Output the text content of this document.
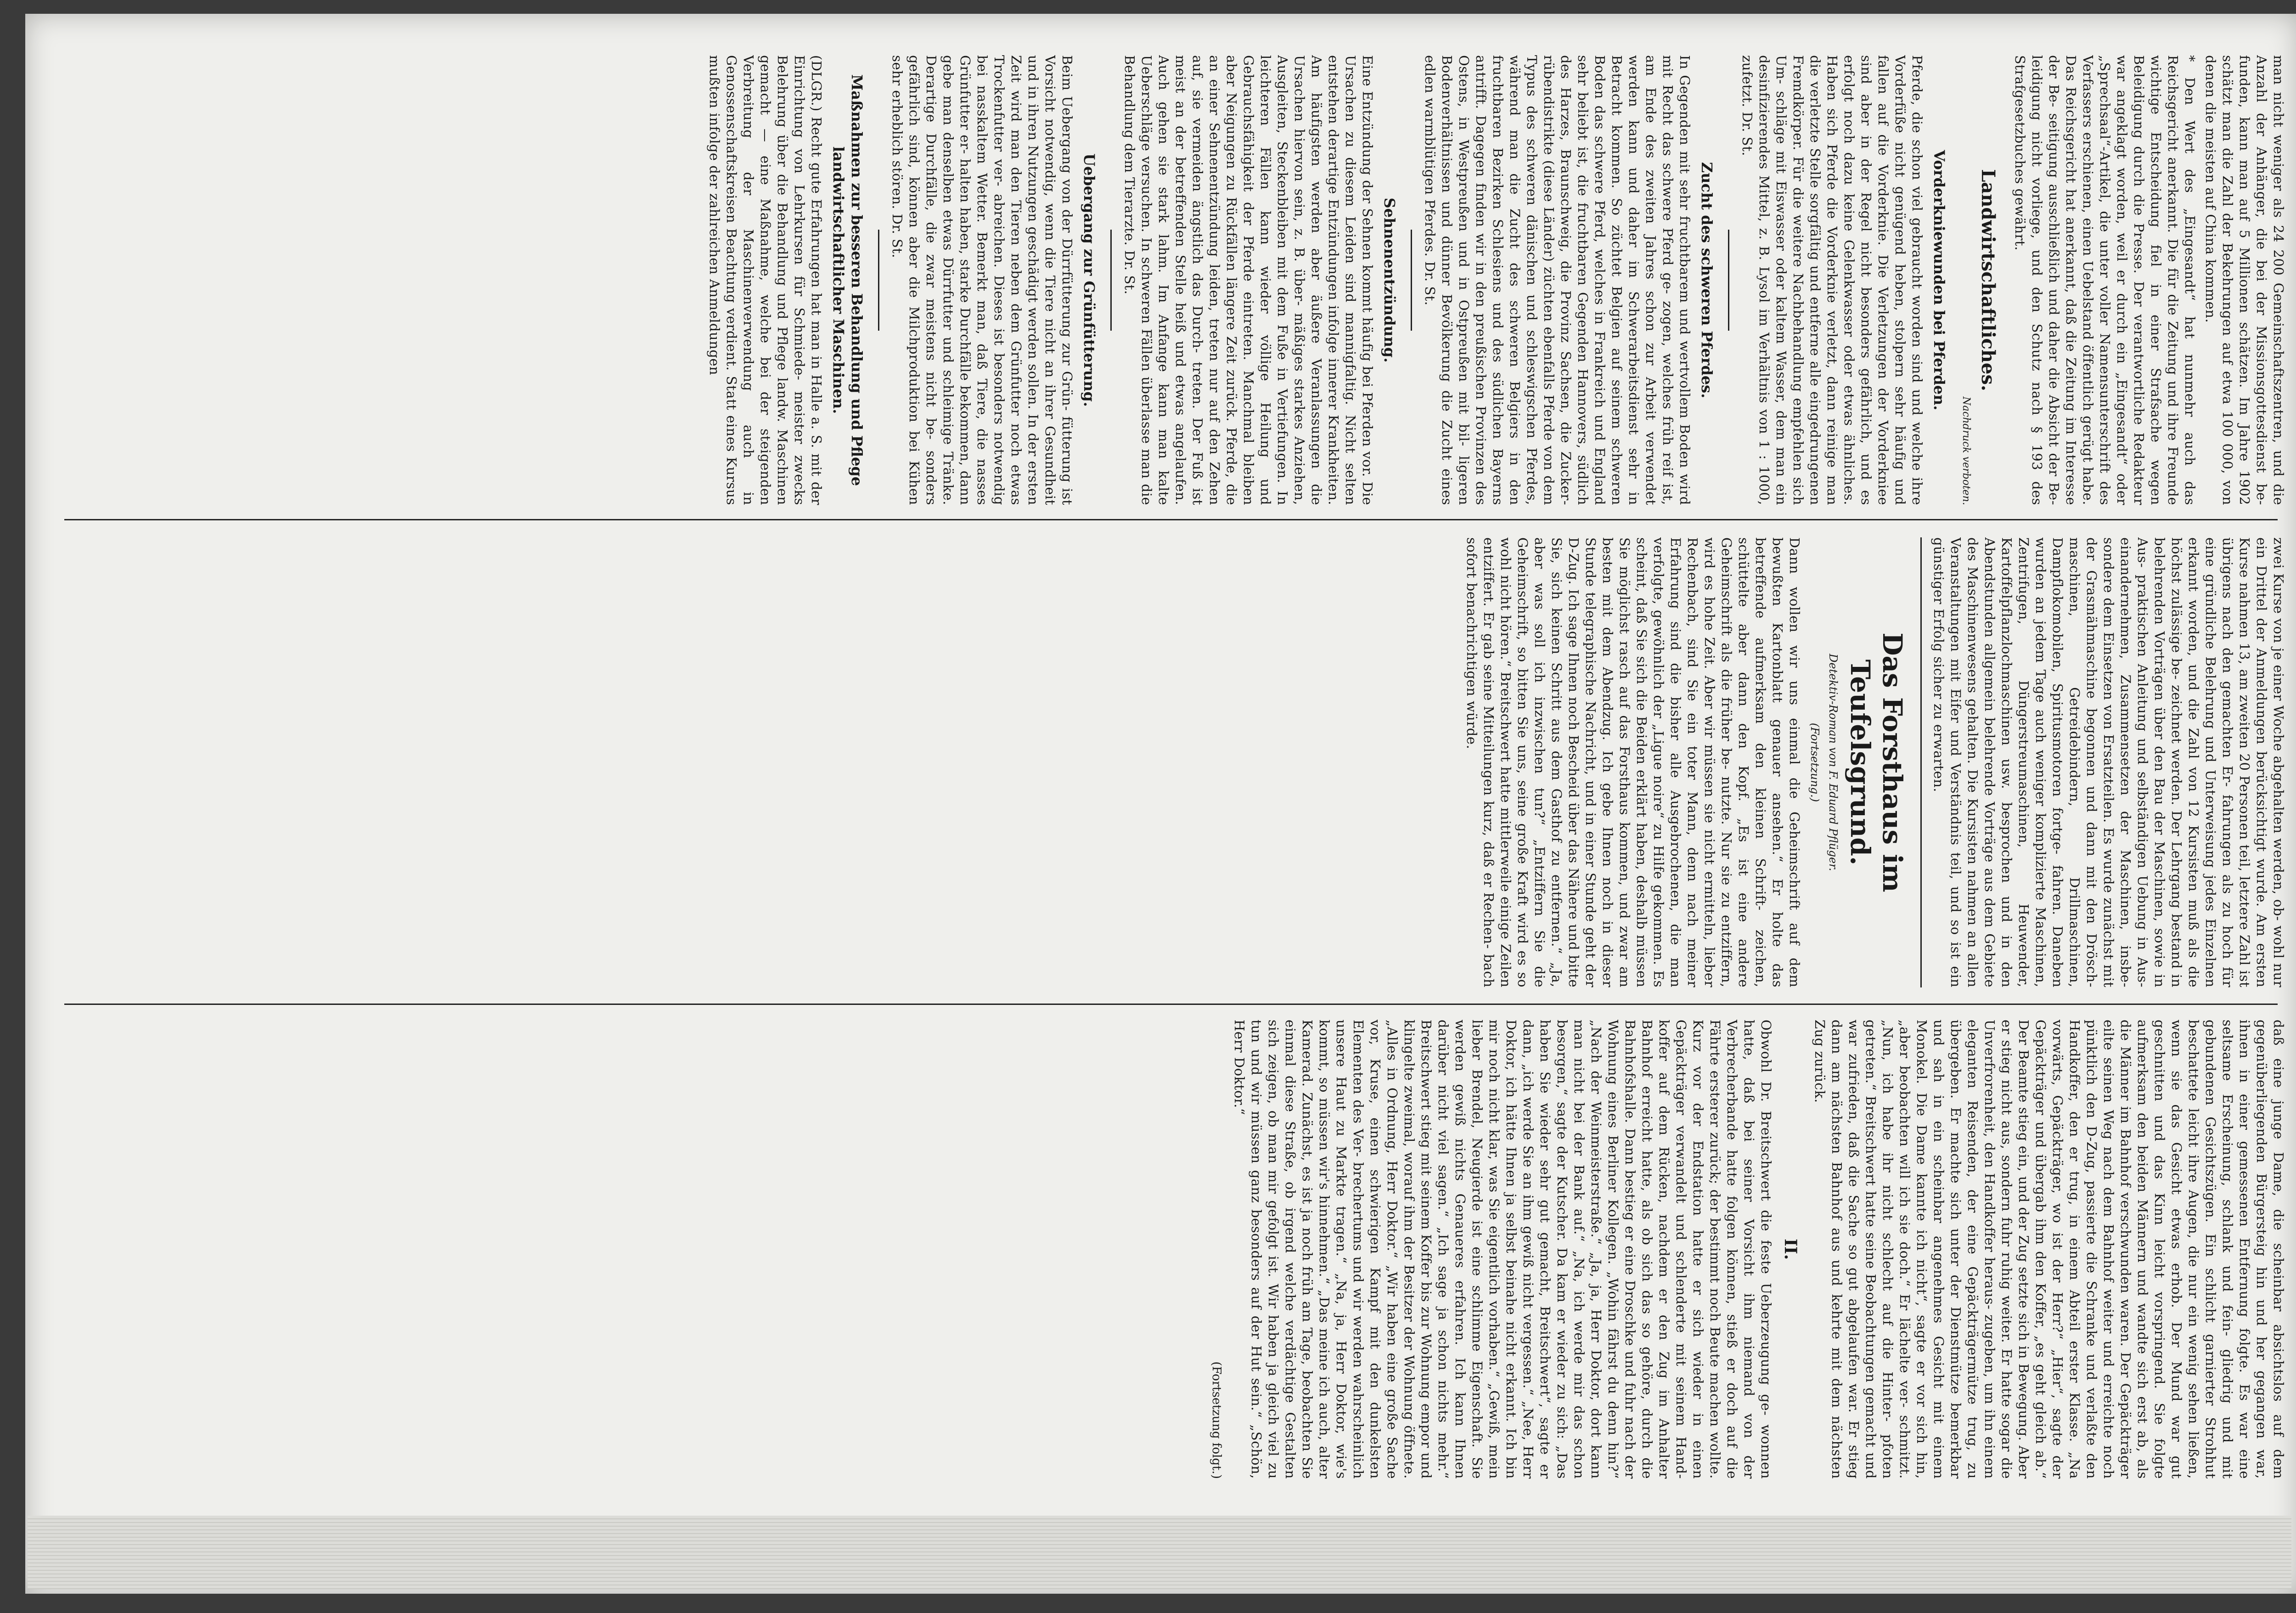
man nicht weniger als 24 200 Gemeinschaftszentren, und die Anzahl der Anhänger, die bei der Missionsgottesdienst be- funden, kann man auf 5 Millionen schätzen. Im Jahre 1902 schätzt man die Zahl der Bekehrungen auf etwa 100 000, von denen die meisten auf China kommen.
* Den Wert des „Eingesandt“ hat nunmehr auch das Reichsgericht anerkannt. Die für die Zeitung und ihre Freunde wichtige Entscheidung fiel in einer Strafsache wegen Beleidigung durch die Presse. Der verantwortliche Redakteur war angeklagt worden, weil er durch ein „Eingesandt“ oder „Sprechsaal“-Artikel, die unter voller Namensunterschrift des Verfassers erschienen, einen Uebelstand öffentlich gerügt habe. Das Reichsgericht hat anerkannt, daß die Zeitung im Interesse der Be- seitigung ausschließlich und daher die Absicht der Be- leidigung nicht vorliege, und den Schutz nach § 193 des Strafgesetzbuches gewährt.
Landwirtschaftliches.
Nachdruck verboten.
Vorderkniewunden bei Pferden.
Pferde, die schon viel gebraucht worden sind und welche ihre Vorderfüße nicht genügend heben, stolpern sehr häufig und fallen auf die Vorderknie. Die Verletzungen der Vorderkniee sind aber in der Regel nicht besonders gefährlich, und es erfolgt noch dazu keine Gelenkwasser oder etwas ähnliches. Haben sich Pferde die Vorderknie verletzt, dann reinige man die verletzte Stelle sorgfältig und entferne alle eingedrungenen Fremdkörper. Für die weitere Nachbehandlung empfehlen sich Um- schläge mit Eiswasser oder kaltem Wasser, dem man ein desinfizierendes Mittel, z. B. Lysol im Verhältnis von 1 : 1000, zufetzt. Dr. St.
Zucht des schweren Pferdes.
In Gegenden mit sehr fruchtbarem und wertvollem Boden wird mit Recht das schwere Pferd ge- zogen, welches früh reif ist, am Ende des zweiten Jahres schon zur Arbeit verwendet werden kann und daher im Schwerarbeitsdienst sehr in Betracht kommen. So züchtet Belgien auf seinem schweren Boden das schwere Pferd, welches in Frankreich und England sehr beliebt ist, die fruchtbaren Gegenden Hannovers, südlich des Harzes, Braunschweig, die Provinz Sachsen, die Zucker- rübendistrikte (diese Länder) züchten ebenfalls Pferde von dem Typus des schweren dänischen und schleswigschen Pferdes, während man die Zucht des schweren Belgiers in den fruchtbaren Bezirken Schlesiens und des südlichen Bayerns antrifft. Dagegen finden wir in den preußischen Provinzen des Ostens, in Westpreußen und in Ostpreußen mit bil- ligeren Bodenverhältnissen und dünner Bevölkerung die Zucht eines edlen warmblütigen Pferdes. Dr. St.
Sehnenentzündung.
Eine Entzündung der Sehnen kommt häufig bei Pferden vor. Die Ursachen zu diesem Leiden sind mannigfaltig. Nicht selten entstehen derartige Entzündungen infolge innerer Krankheiten. Am häufigsten werden aber äußere Veranlassungen die Ursachen hiervon sein, z. B. über- mäßiges starkes Anziehen, Ausgleiten, Steckenbleiben mit dem Fuße in Vertiefungen. In leichteren Fällen kann wieder völlige Heilung und Gebrauchsfähigkeit der Pferde eintreten. Manchmal bleiben aber Neigungen zu Rückfällen längere Zeit zurück. Pferde, die an einer Sehnenentzündung leiden, treten nur auf den Zehen auf, sie vermeiden ängstlich das Durch- treten. Der Fuß ist meist an der betreffenden Stelle heiß und etwas angelaufen. Auch gehen sie stark lahm. Im Anfange kann man kalte Ueberschläge versuchen. In schweren Fällen überlasse man die Behandlung dem Tierarzte. Dr. St.
Uebergang zur Grünfütterung.
Beim Uebergang von der Dürrfütterung zur Grün- fütterung ist Vorsicht notwendig, wenn die Tiere nicht an ihrer Gesundheit und in ihren Nutzungen geschädigt werden sollen. In der ersten Zeit wird man den Tieren neben dem Grünfutter noch etwas Trockenfutter ver- abreichen. Dieses ist besonders notwendig bei nasskaltem Wetter. Bemerkt man, daß Tiere, die nasses Grünfutter er- halten haben, starke Durchfälle bekommen, dann gebe man denselben etwas Dürrfutter und schleimige Tränke. Derartige Durchfälle, die zwar meistens nicht be- sonders gefährlich sind, können aber die Milchproduktion bei Kühen sehr erheblich stören. Dr. St.
Maßnahmen zur besseren Behandlung und Pflege landwirtschaftlicher Maschinen.
(DLGR.) Recht gute Erfahrungen hat man in Halle a. S. mit der Einrichtung von Lehrkursen für Schmiede- meister zwecks Belehrung über die Behandlung und Pflege landw. Maschinen gemacht — eine Maßnahme, welche bei der steigenden Verbreitung der Maschinenverwendung auch in Genossenschaftskreisen Beachtung verdient. Statt eines Kursus mußten infolge der zahlreichen Anmeldungen
zwei Kurse von je einer Woche abgehalten werden, ob- wohl nur ein Drittel der Anmeldungen berücksichtigt wurde. Am ersten Kurse nahmen 13, am zweiten 20 Personen teil, letztere Zahl ist übrigens nach den gemachten Er- fahrungen als zu hoch für eine gründliche Belehrung und Unterweisung jedes Einzelnen erkannt worden, und die Zahl von 12 Kursisten muß als die höchst zulässige be- zeichnet werden. Der Lehrgang bestand in belehrenden Vorträgen über den Bau der Maschinen, sowie in Aus- praktischen Anleitung und selbständigen Uebung in Aus- einandernehmen, Zusammensetzen der Maschinen, insbe- sondere dem Einsetzen von Ersatzteilen. Es wurde zunächst mit der Grasmähmaschine begonnen und dann mit den Drösch- maschinen, Getreidebindern, Drillmaschinen, Dampflokomobilen, Spiritusmotoren fortge- fahren. Daneben wurden an jedem Tage auch weniger komplizierte Maschinen, Zentrifugen, Düngerstreumaschinen, Heuwender, Kartoffelpflanzlochmaschinen usw. besprochen und in den Abendstunden allgemein belehrende Vorträge aus dem Gebiete des Maschinenwesens gehalten. Die Kursisten nahmen an allen Veranstaltungen mit Eifer und Verständnis teil, und so ist ein günstiger Erfolg sicher zu erwarten.
Das Forsthaus im Teufelsgrund.
Detektiv-Roman von F. Eduard Pflüger.
(Fortsetzung.)
Dann wollen wir uns einmal die Geheimschrift auf dem bewußten Kartonblatt genauer ansehen.“ Er holte das betreffende aufmerksam den kleinen Schrift- zeichen, schüttelte aber dann den Kopf. „Es ist eine andere Geheimschrift als die früher be- nutzte. Nur sie zu entziffern, wird es hohe Zeit. Aber wir müssen sie nicht ermitteln, lieber Rechenbach, sind Sie ein toter Mann, denn nach meiner Erfahrung sind die bisher alle Ausgebrochenen, die man verfolgte, gewöhnlich der „Ligue noire“ zu Hilfe gekommen. Es scheint, daß Sie sich die Beiden erklärt haben, deshalb müssen Sie möglichst rasch auf das Forsthaus kommen, und zwar am besten mit dem Abendzug. Ich gebe Ihnen noch in dieser Stunde telegraphische Nachricht, und in einer Stunde geht der D-Zug. Ich sage Ihnen noch Bescheid über das Nähere und bitte Sie, sich keinen Schritt aus dem Gasthof zu entfernen.“ „Ja, aber was soll ich inzwischen tun?“ „Entziffern Sie die Geheimschrift, so bitten Sie uns, seine große Kraft wird es so wohl nicht hören.“ Breitschwert hatte mittlerweile einige Zeilen entziffert. Er gab seine Mitteilungen kurz, daß er Rechen- bach sofort benachrichtigen würde.
daß eine junge Dame, die scheinbar absichtslos auf dem gegenüberliegenden Bürgersteig hin und her gegangen war, ihnen in einer gemessenen Entfernung folgte. Es war eine seltsame Erscheinung, schlank und fein- gliedrig und mit gebundenen Gesichtszügen. Ein schlicht garnierter Strohhut beschattete leicht ihre Augen, die nur ein wenig sehen ließen, wenn sie das Gesicht etwas erhob. Der Mund war gut geschnitten und das Kinn leicht vorspringend. Sie folgte aufmerksam den beiden Männern und wandte sich erst ab, als die Männer im Bahnhof verschwunden waren. Der Gepäckträger eilte seinen Weg nach dem Bahnhof weiter und erreichte noch pünktlich den D-Zug, passierte die Schranke und verlaßte den Handkoffer, den er trug, in einem Abteil erster Klasse. „Na vorwärts, Gepäckträger, wo ist der Herr?“ „Hier“, sagte der Gepäckträger und übergab ihm den Koffer, „es geht gleich ab.“ Der Beamte stieg ein, und der Zug setzte sich in Bewegung. Aber er stieg nicht aus, sondern fuhr ruhig weiter. Er hatte sogar die Unverfrorenheit, den Handkoffer heraus- zugeben, um ihn einem eleganten Reisenden, der eine Gepäckträgermütze trug, zu übergeben. Er machte sich unter der Dienstmütze bemerkbar und sah in ein scheinbar angenehmes Gesicht mit einem Monokel. Die Dame kannte ich nicht“, sagte er vor sich hin, „aber beobachten will ich sie doch.“ Er lächelte ver- schmitzt. „Nun, ich habe ihr nicht schlecht auf die Hinter- pfoten getreten.“ Breitschwert hatte seine Beobachtungen gemacht und war zufrieden, daß die Sache so gut abgelaufen war. Er stieg dann am nächsten Bahnhof aus und kehrte mit dem nächsten Zug zurück.
II.
Obwohl Dr. Breitschwert die feste Ueberzeugung ge- wonnen hatte, daß bei seiner Vorsicht ihm niemand von der Verbrecherbande hatte folgen können, stieß er doch auf die Fährte ersterer zurück; der bestimmt noch Beute machen wollte. Kurz vor der Endstation hatte er sich wieder in einen Gepäckträger verwandelt und schlenderte mit seinem Hand- koffer auf dem Rücken, nachdem er den Zug im Anhalter Bahnhof erreicht hatte, als ob sich das so gehöre, durch die Bahnhofshalle. Dann bestieg er eine Droschke und fuhr nach der Wohnung eines Berliner Kollegen. „Wohin fährst du denn hin?“ „Nach der Weinmeisterstraße.“ „Ja, ja, Herr Doktor, dort kann man nicht bei der Bank auf.“ „Na, ich werde mir das schon besorgen,“ sagte der Kutscher. Da kam er wieder zu sich: „Das haben Sie wieder sehr gut gemacht, Breitschwert“, sagte er dann, „ich werde Sie an ihm gewiß nicht vergessen.“ „Nee, Herr Doktor, ich hätte Ihnen ja selbst beinahe nicht erkannt. Ich bin mir noch nicht klar, was Sie eigentlich vorhaben.“ „Gewiß, mein lieber Brendel, Neugierde ist eine schlimme Eigenschaft. Sie werden gewiß nichts Genaueres erfahren. Ich kann Ihnen darüber nicht viel sagen.“ „Ich sage ja schon nichts mehr.“ Breitschwert stieg mit seinem Koffer bis zur Wohnung empor und klingelte zweimal, worauf ihm der Besitzer der Wohnung öffnete. „Alles in Ordnung, Herr Doktor.“ „Wir haben eine große Sache vor, Kruse, einen schwierigen Kampf mit den dunkelsten Elementen des Ver- brechertums und wir werden wahrscheinlich unsere Haut zu Markte tragen.“ „Na, ja, Herr Doktor, wie's kommt, so müssen wir's hinnehmen.“ „Das meine ich auch, alter Kamerad. Zunächst, es ist ja noch früh am Tage, beobachten Sie einmal diese Straße, ob irgend welche verdächtige Gestalten sich zeigen, ob man mir gefolgt ist. Wir haben ja gleich viel zu tun und wir müssen ganz besonders auf der Hut sein.“ „Schön, Herr Doktor.“
(Fortsetzung folgt.)
